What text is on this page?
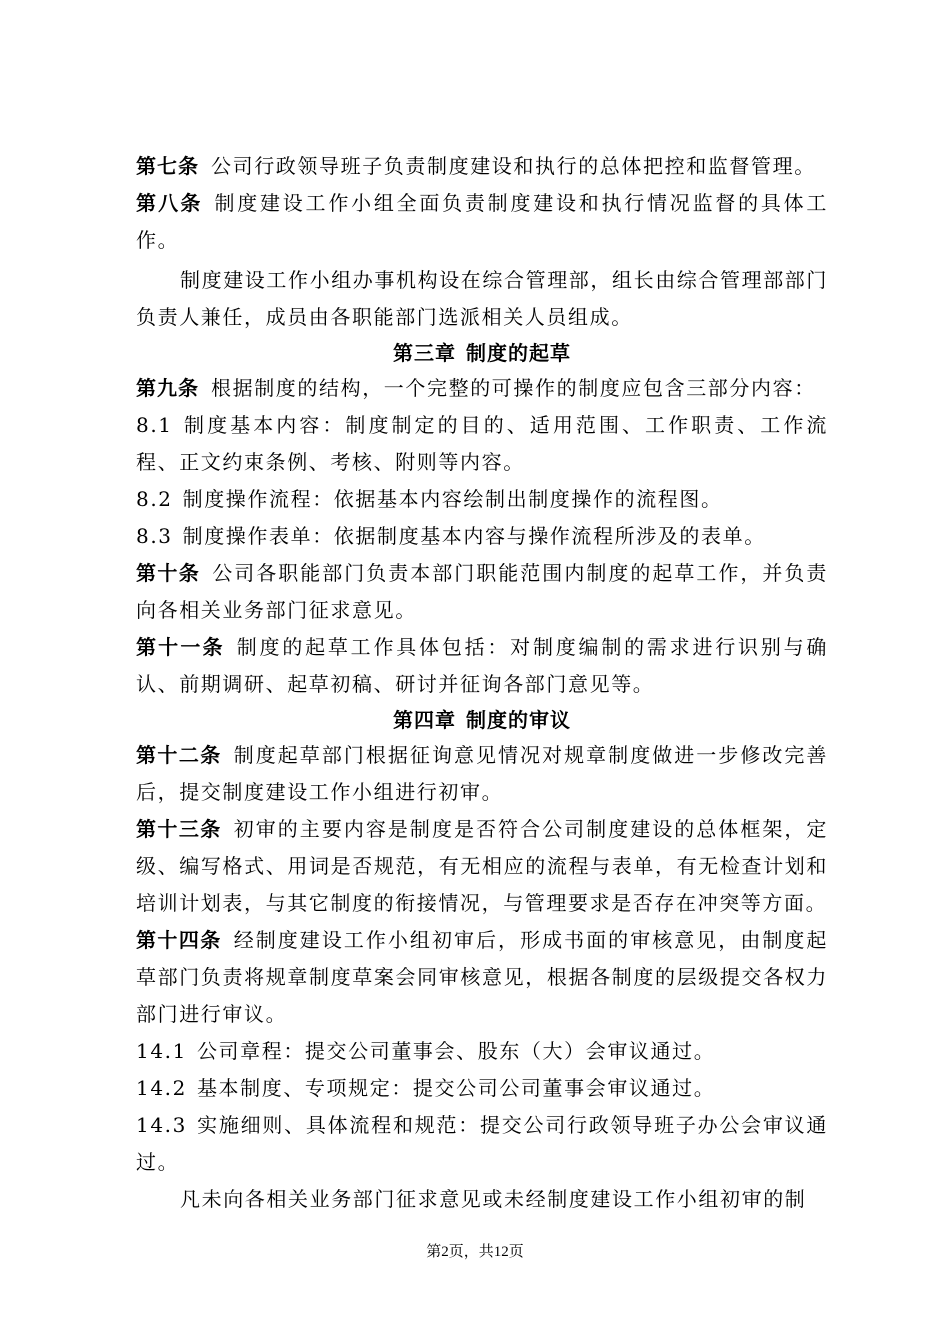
第七条 公司行政领导班子负责制度建设和执行的总体把控和监督管理。

第八条 制度建设工作小组全面负责制度建设和执行情况监督的具体工作。

制度建设工作小组办事机构设在综合管理部，组长由综合管理部部门负责人兼任，成员由各职能部门选派相关人员组成。

第三章 制度的起草

第九条 根据制度的结构，一个完整的可操作的制度应包含三部分内容：

8.1 制度基本内容：制度制定的目的、适用范围、工作职责、工作流程、正文约束条例、考核、附则等内容。

8.2 制度操作流程：依据基本内容绘制出制度操作的流程图。

8.3 制度操作表单：依据制度基本内容与操作流程所涉及的表单。

第十条 公司各职能部门负责本部门职能范围内制度的起草工作，并负责向各相关业务部门征求意见。

第十一条 制度的起草工作具体包括：对制度编制的需求进行识别与确认、前期调研、起草初稿、研讨并征询各部门意见等。

第四章 制度的审议

第十二条 制度起草部门根据征询意见情况对规章制度做进一步修改完善后，提交制度建设工作小组进行初审。

第十三条 初审的主要内容是制度是否符合公司制度建设的总体框架，定级、编写格式、用词是否规范，有无相应的流程与表单，有无检查计划和培训计划表，与其它制度的衔接情况，与管理要求是否存在冲突等方面。

第十四条 经制度建设工作小组初审后，形成书面的审核意见，由制度起草部门负责将规章制度草案会同审核意见，根据各制度的层级提交各权力部门进行审议。

14.1 公司章程：提交公司董事会、股东（大）会审议通过。

14.2 基本制度、专项规定：提交公司公司董事会审议通过。

14.3 实施细则、具体流程和规范：提交公司行政领导班子办公会审议通过。

凡未向各相关业务部门征求意见或未经制度建设工作小组初审的制

第2页，共12页
